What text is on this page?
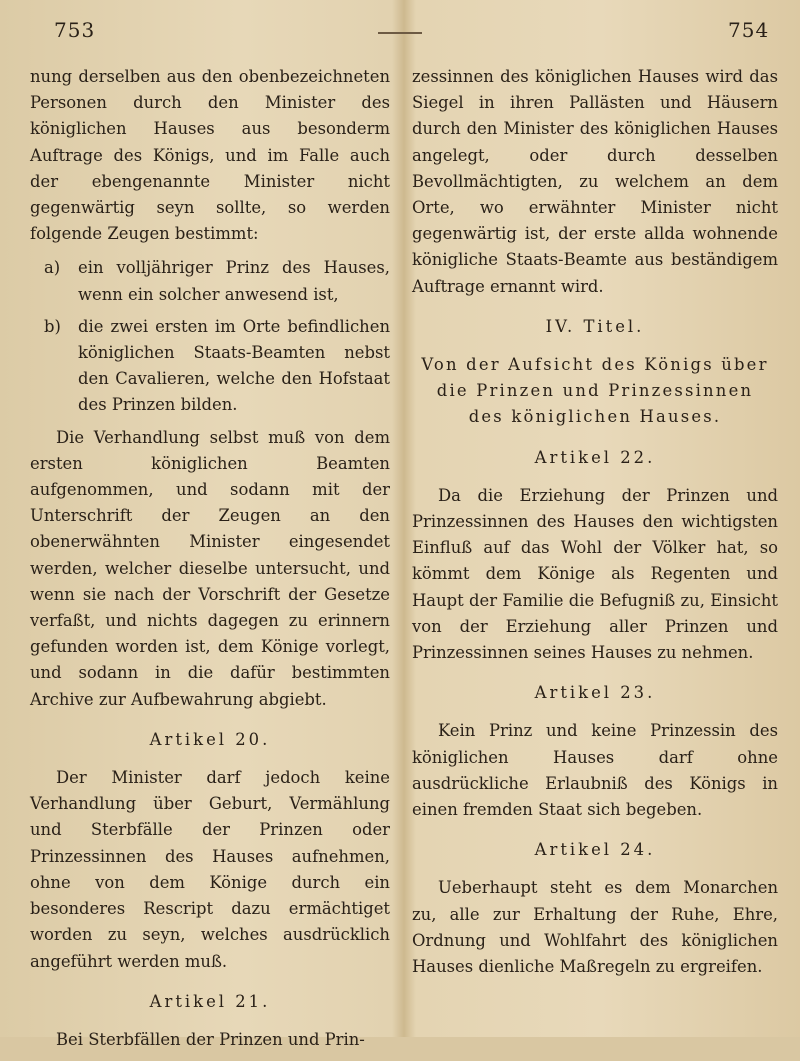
753	754

nung derselben aus den obenbezeichneten Personen durch den Minister des königlichen Hauses aus besonderm Auftrage des Königs, und im Falle auch der ebengenannte Minister nicht gegenwärtig seyn sollte, so werden folgende Zeugen bestimmt:

a)	ein volljähriger Prinz des Hauses, wenn ein solcher anwesend ist,
b)	die zwei ersten im Orte befindlichen königlichen Staats-Beamten nebst den Cavalieren, welche den Hofstaat des Prinzen bilden.

Die Verhandlung selbst muß von dem ersten königlichen Beamten aufgenommen, und sodann mit der Unterschrift der Zeugen an den obenerwähnten Minister eingesendet werden, welcher dieselbe untersucht, und wenn sie nach der Vorschrift der Gesetze verfaßt, und nichts dagegen zu erinnern gefunden worden ist, dem Könige vorlegt, und sodann in die dafür bestimmten Archive zur Aufbewahrung abgiebt.

Artikel 20.

Der Minister darf jedoch keine Verhandlung über Geburt, Vermählung und Sterbfälle der Prinzen oder Prinzessinnen des Hauses aufnehmen, ohne von dem Könige durch ein besonderes Rescript dazu ermächtiget worden zu seyn, welches ausdrücklich angeführt werden muß.

Artikel 21.

Bei Sterbfällen der Prinzen und Prin-

zessinnen des königlichen Hauses wird das Siegel in ihren Pallästen und Häusern durch den Minister des königlichen Hauses angelegt, oder durch desselben Bevollmächtigten, zu welchem an dem Orte, wo erwähnter Minister nicht gegenwärtig ist, der erste allda wohnende königliche Staats-Beamte aus beständigem Auftrage ernannt wird.

IV. Titel.
Von der Aufsicht des Königs über
die Prinzen und Prinzessinnen
des königlichen Hauses.
Artikel 22.

Da die Erziehung der Prinzen und Prinzessinnen des Hauses den wichtigsten Einfluß auf das Wohl der Völker hat, so kömmt dem Könige als Regenten und Haupt der Familie die Befugniß zu, Einsicht von der Erziehung aller Prinzen und Prinzessinnen seines Hauses zu nehmen.

Artikel 23.

Kein Prinz und keine Prinzessin des königlichen Hauses darf ohne ausdrückliche Erlaubniß des Königs in einen fremden Staat sich begeben.

Artikel 24.

Ueberhaupt steht es dem Monarchen zu, alle zur Erhaltung der Ruhe, Ehre, Ordnung und Wohlfahrt des königlichen Hauses dienliche Maßregeln zu ergreifen.
